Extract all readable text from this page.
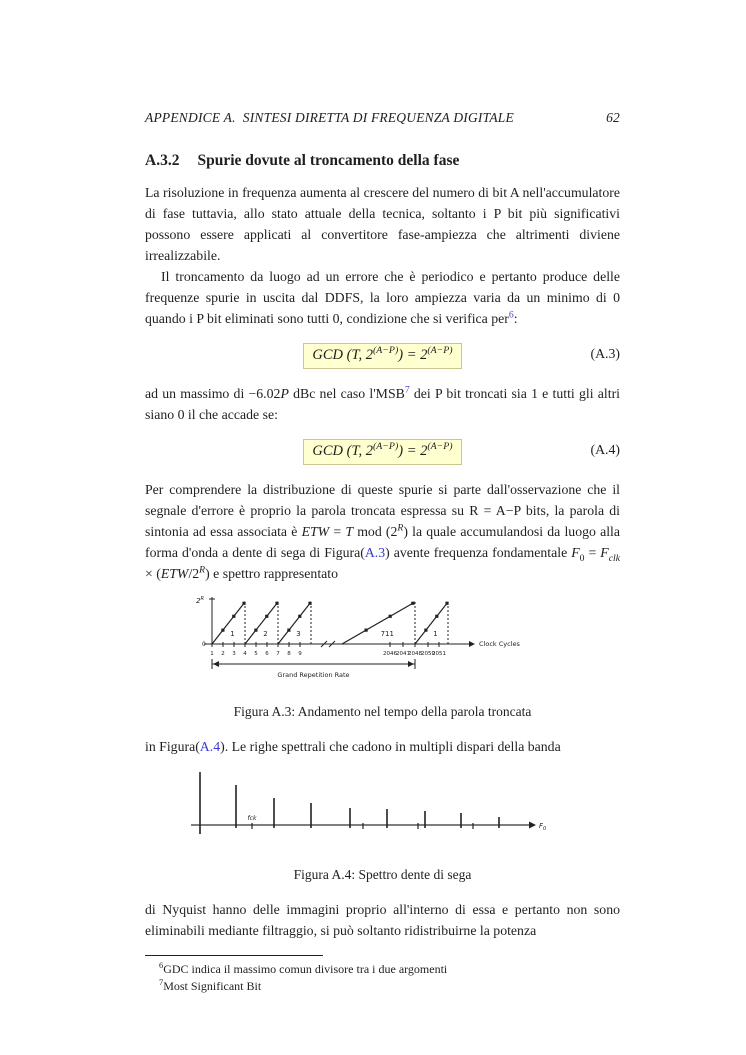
APPENDICE A.  SINTESI DIRETTA DI FREQUENZA DIGITALE	62
A.3.2 Spurie dovute al troncamento della fase

La risoluzione in frequenza aumenta al crescere del numero di bit A nell'accumulatore di fase tuttavia, allo stato attuale della tecnica, soltanto i P bit più significativi possono essere applicati al convertitore fase-ampiezza che altrimenti diviene irrealizzabile.

Il troncamento da luogo ad un errore che è periodico e pertanto produce delle frequenze spurie in uscita dal DDFS, la loro ampiezza varia da un minimo di 0 quando i P bit eliminati sono tutti 0, condizione che si verifica per$^6$:

GCD (T, $2^{(A-P)}) = 2^{(A-P)}$	(A.3)

ad un massimo di −6.02P dBc nel caso l'MSB$^7$ dei P bit troncati sia 1 e tutti gli altri siano 0 il che accade se:

GCD (T, $2^{(A-P)}) = 2^{(A-P)}$	(A.4)

Per comprendere la distribuzione di queste spurie si parte dall'osservazione che il segnale d'errore è proprio la parola troncata espressa su R = A−P bits, la parola di sintonia ad essa associata è ETW = T mod $(2^R)$ la quale accumulandosi da luogo alla forma d'onda a dente di sega di Figura(A.3) avente frequenza fondamentale $F_0 = F_{clk} \times (ETW/2^R)$ e spettro rappresentato

$2^R$
0	Clock Cycles
1	2	3	711	1
1 2 3 4 5 6 7 8 9	2046 2047
2048 2050
2051
Grand Repetition Rate
Figura A.3: Andamento nel tempo della parola troncata

in Figura(A.4). Le righe spettrali che cadono in multipli dispari della banda

$F_0$
fck
Figura A.4: Spettro dente di sega

di Nyquist hanno delle immagini proprio all'interno di essa e pertanto non sono eliminabili mediante filtraggio, si può soltanto ridistribuirne la potenza

$^6$GDC indica il massimo comun divisore tra i due argomenti

$^7$Most Significant Bit
